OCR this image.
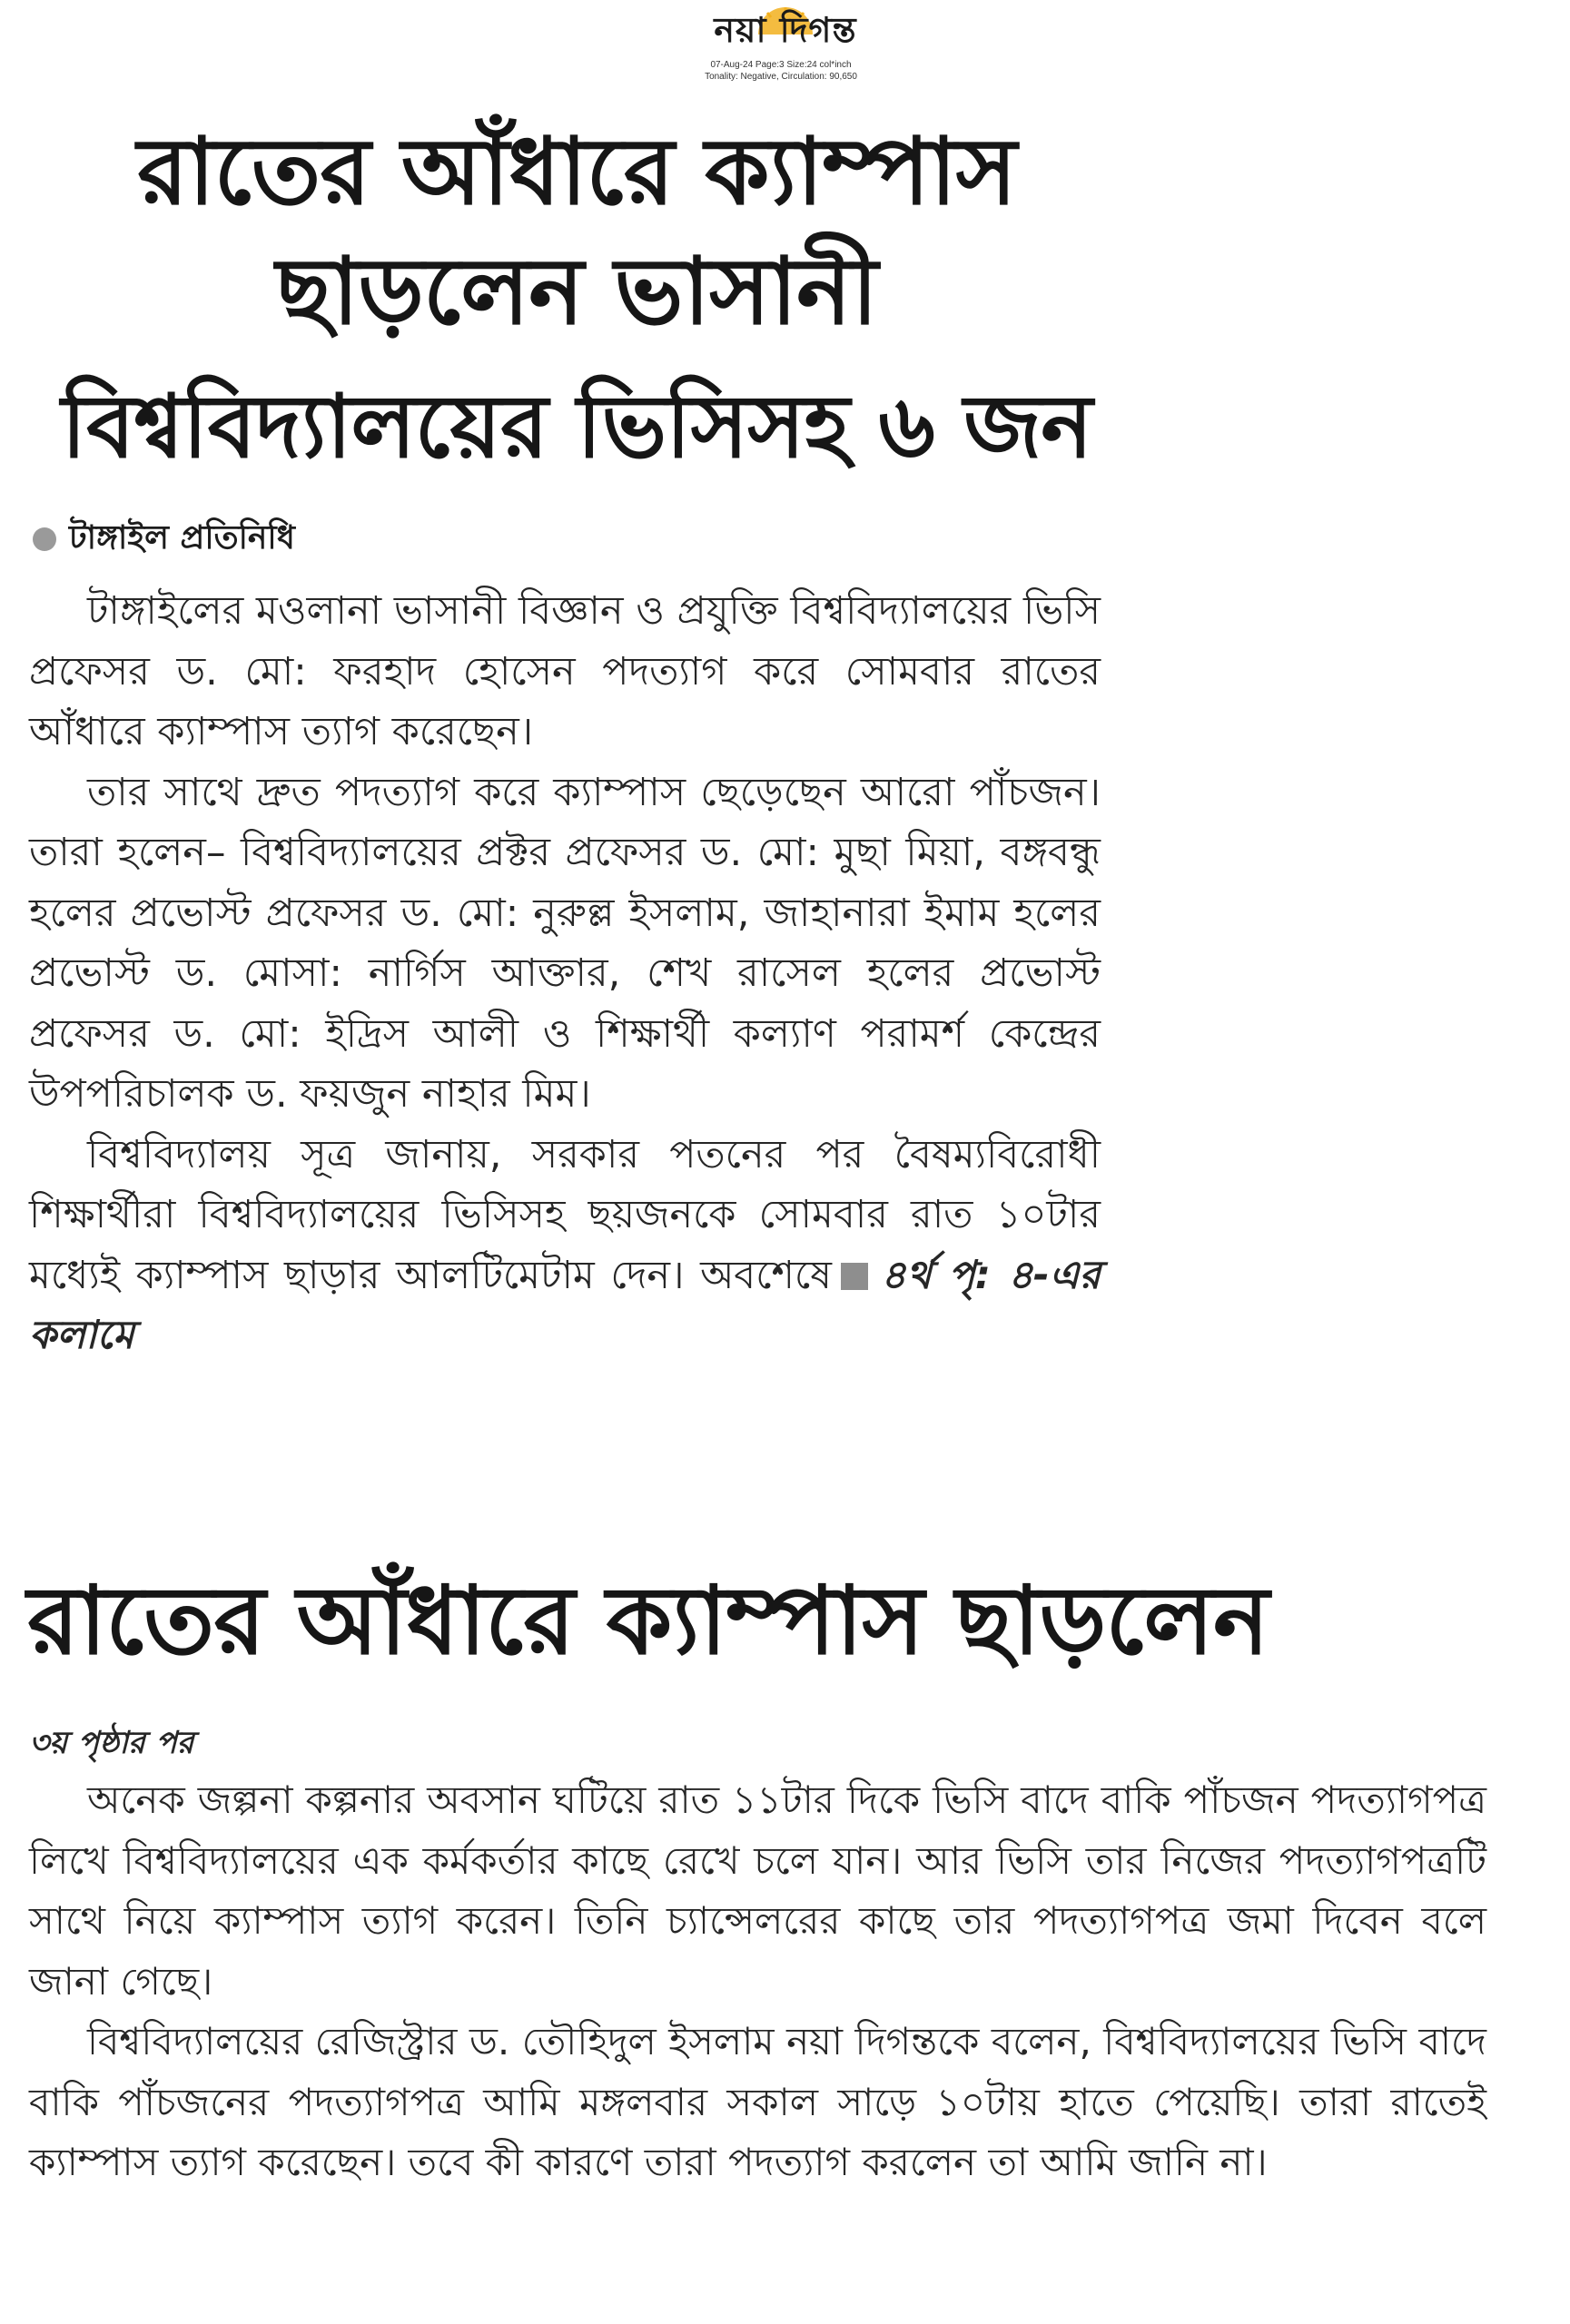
নয়া দিগন্ত
07-Aug-24 Page:3 Size:24 col*inch
Tonality: Negative, Circulation: 90,650
রাতের আঁধারে ক্যাম্পাস
ছাড়লেন ভাসানী
বিশ্ববিদ্যালয়ের ভিসিসহ ৬ জন
টাঙ্গাইল প্রতিনিধি

টাঙ্গাইলের মওলানা ভাসানী বিজ্ঞান ও প্রযুক্তি বিশ্ববিদ্যালয়ের ভিসি প্রফেসর ড. মো: ফরহাদ হোসেন পদত্যাগ করে সোমবার রাতের আঁধারে ক্যাম্পাস ত্যাগ করেছেন।

তার সাথে দ্রুত পদত্যাগ করে ক্যাম্পাস ছেড়েছেন আরো পাঁচজন। তারা হলেন– বিশ্ববিদ্যালয়ের প্রক্টর প্রফেসর ড. মো: মুছা মিয়া, বঙ্গবন্ধু হলের প্রভোস্ট প্রফেসর ড. মো: নুরুল্ল ইসলাম, জাহানারা ইমাম হলের প্রভোস্ট ড. মোসা: নার্গিস আক্তার, শেখ রাসেল হলের প্রভোস্ট প্রফেসর ড. মো: ইদ্রিস আলী ও শিক্ষার্থী কল্যাণ পরামর্শ কেন্দ্রের উপপরিচালক ড. ফয়জুন নাহার মিম।

বিশ্ববিদ্যালয় সূত্র জানায়, সরকার পতনের পর বৈষম্যবিরোধী শিক্ষার্থীরা বিশ্ববিদ্যালয়ের ভিসিসহ ছয়জনকে সোমবার রাত ১০টার মধ্যেই ক্যাম্পাস ছাড়ার আলটিমেটাম দেন। অবশেষে ৪র্থ পৃ: ৪-এর কলামে

রাতের আঁধারে ক্যাম্পাস ছাড়লেন
৩য় পৃষ্ঠার পর

অনেক জল্পনা কল্পনার অবসান ঘটিয়ে রাত ১১টার দিকে ভিসি বাদে বাকি পাঁচজন পদত্যাগপত্র লিখে বিশ্ববিদ্যালয়ের এক কর্মকর্তার কাছে রেখে চলে যান। আর ভিসি তার নিজের পদত্যাগপত্রটি সাথে নিয়ে ক্যাম্পাস ত্যাগ করেন। তিনি চ্যান্সেলরের কাছে তার পদত্যাগপত্র জমা দিবেন বলে জানা গেছে।

বিশ্ববিদ্যালয়ের রেজিস্ট্রার ড. তৌহিদুল ইসলাম নয়া দিগন্তকে বলেন, বিশ্ববিদ্যালয়ের ভিসি বাদে বাকি পাঁচজনের পদত্যাগপত্র আমি মঙ্গলবার সকাল সাড়ে ১০টায় হাতে পেয়েছি। তারা রাতেই ক্যাম্পাস ত্যাগ করেছেন। তবে কী কারণে তারা পদত্যাগ করলেন তা আমি জানি না।
